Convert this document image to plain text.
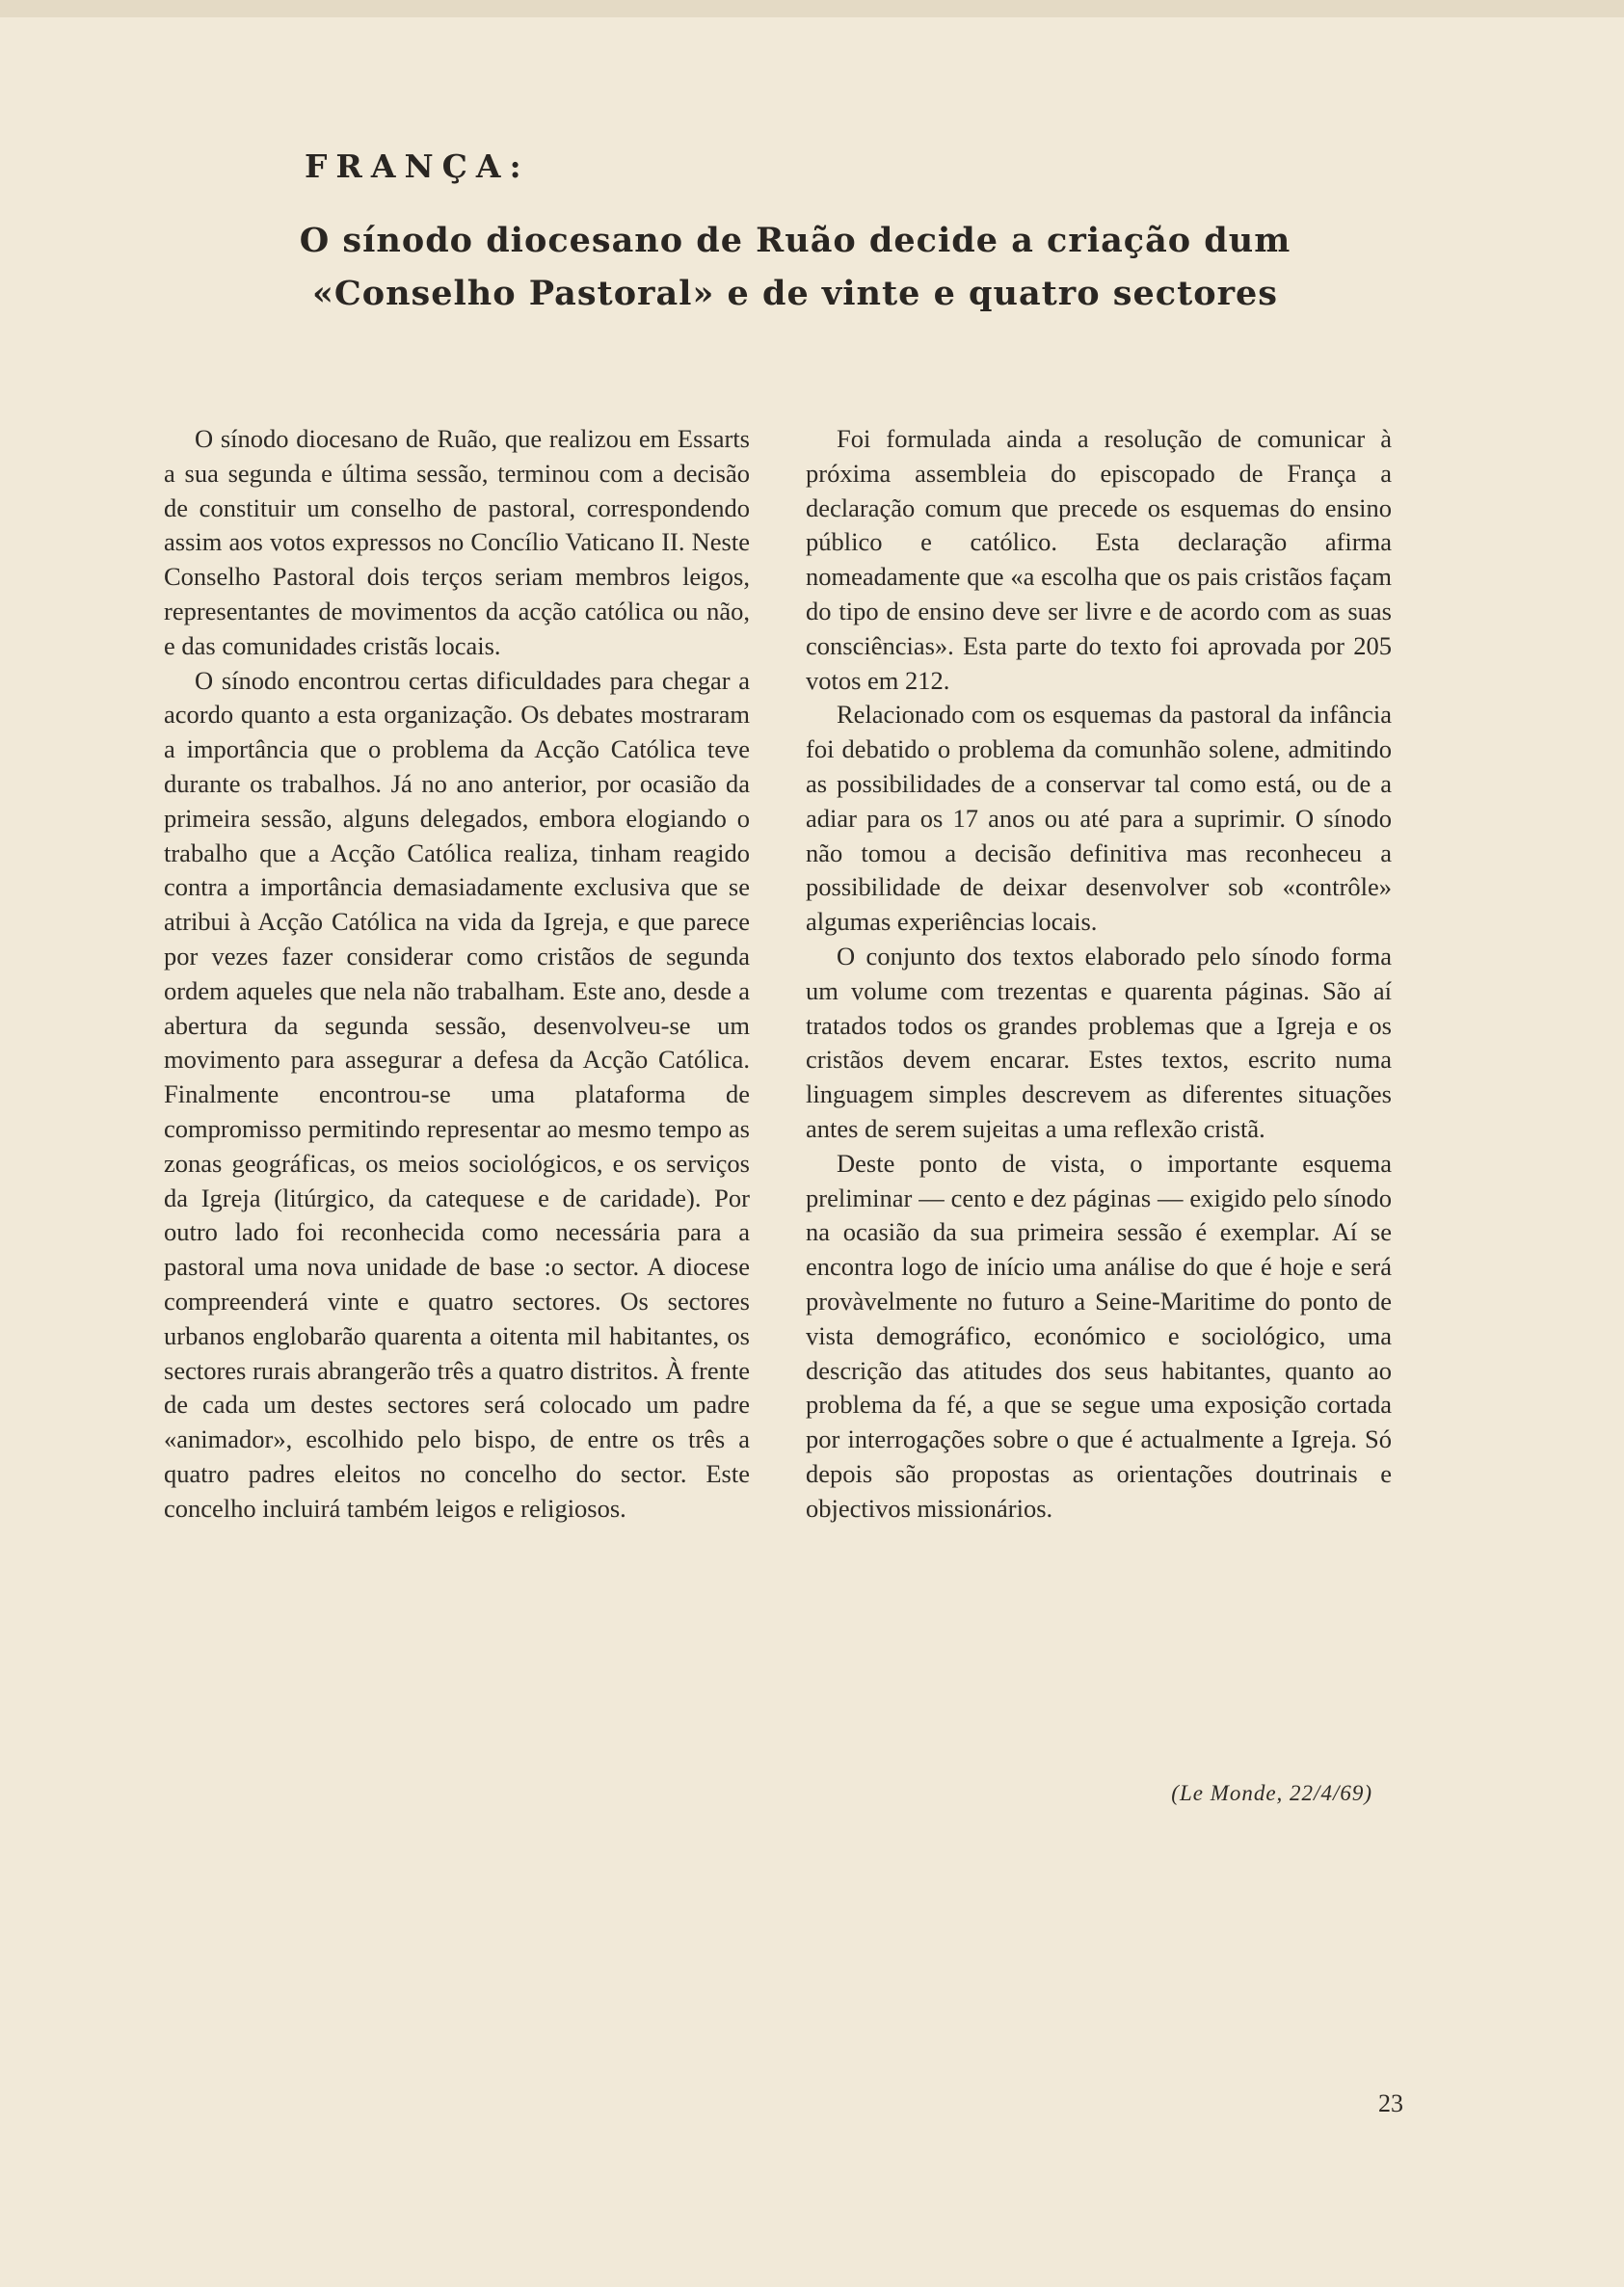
FRANÇA:
O sínodo diocesano de Ruão decide a criação dum «Conselho Pastoral» e de vinte e quatro sectores

O sínodo diocesano de Ruão, que realizou em Essarts a sua segunda e última sessão, terminou com a decisão de constituir um conselho de pastoral, correspondendo assim aos votos expressos no Concílio Vaticano II. Neste Conselho Pastoral dois terços seriam membros leigos, representantes de movimentos da acção católica ou não, e das comunidades cristãs locais.

O sínodo encontrou certas dificuldades para chegar a acordo quanto a esta organização. Os debates mostraram a importância que o problema da Acção Católica teve durante os trabalhos. Já no ano anterior, por ocasião da primeira sessão, alguns delegados, embora elogiando o trabalho que a Acção Católica realiza, tinham reagido contra a importância demasiadamente exclusiva que se atribui à Acção Católica na vida da Igreja, e que parece por vezes fazer considerar como cristãos de segunda ordem aqueles que nela não trabalham. Este ano, desde a abertura da segunda sessão, desenvolveu-se um movimento para assegurar a defesa da Acção Católica. Finalmente encontrou-se uma plataforma de compromisso permitindo representar ao mesmo tempo as zonas geográficas, os meios sociológicos, e os serviços da Igreja (litúrgico, da catequese e de caridade). Por outro lado foi reconhecida como necessária para a pastoral uma nova unidade de base :o sector. A diocese compreenderá vinte e quatro sectores. Os sectores urbanos englobarão quarenta a oitenta mil habitantes, os sectores rurais abrangerão três a quatro distritos. À frente de cada um destes sectores será colocado um padre «animador», escolhido pelo bispo, de entre os três a quatro padres eleitos no concelho do sector. Este concelho incluirá também leigos e religiosos.

Foi formulada ainda a resolução de comunicar à próxima assembleia do episcopado de França a declaração comum que precede os esquemas do ensino público e católico. Esta declaração afirma nomeadamente que «a escolha que os pais cristãos façam do tipo de ensino deve ser livre e de acordo com as suas consciências». Esta parte do texto foi aprovada por 205 votos em 212.

Relacionado com os esquemas da pastoral da infância foi debatido o problema da comunhão solene, admitindo as possibilidades de a conservar tal como está, ou de a adiar para os 17 anos ou até para a suprimir. O sínodo não tomou a decisão definitiva mas reconheceu a possibilidade de deixar desenvolver sob «contrôle» algumas experiências locais.

O conjunto dos textos elaborado pelo sínodo forma um volume com trezentas e quarenta páginas. São aí tratados todos os grandes problemas que a Igreja e os cristãos devem encarar. Estes textos, escrito numa linguagem simples descrevem as diferentes situações antes de serem sujeitas a uma reflexão cristã.

Deste ponto de vista, o importante esquema preliminar — cento e dez páginas — exigido pelo sínodo na ocasião da sua primeira sessão é exemplar. Aí se encontra logo de início uma análise do que é hoje e será provàvelmente no futuro a Seine-Maritime do ponto de vista demográfico, económico e sociológico, uma descrição das atitudes dos seus habitantes, quanto ao problema da fé, a que se segue uma exposição cortada por interrogações sobre o que é actualmente a Igreja. Só depois são propostas as orientações doutrinais e objectivos missionários.

(Le Monde, 22/4/69)
23
